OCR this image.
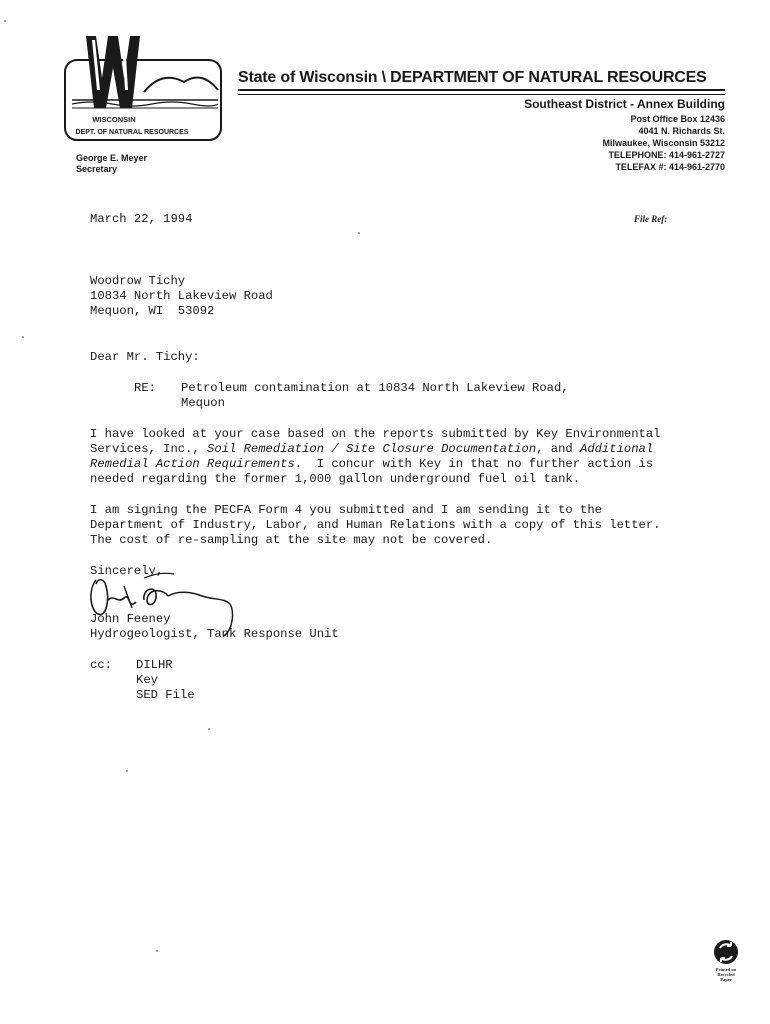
WISCONSIN
DEPT. OF NATURAL RESOURCES
George E. Meyer
Secretary
State of Wisconsin \ DEPARTMENT OF NATURAL RESOURCES
Southeast District - Annex Building
Post Office Box 12436
4041 N. Richards St.
Milwaukee, Wisconsin 53212
TELEPHONE: 414-961-2727
TELEFAX #: 414-961-2770
March 22, 1994	File Ref:
Woodrow Tichy
10834 North Lakeview Road
Mequon, WI  53092
Dear Mr. Tichy:
RE: Petroleum contamination at 10834 North Lakeview Road,
Mequon
I have looked at your case based on the reports submitted by Key Environmental
Services, Inc., Soil Remediation / Site Closure Documentation, and Additional
Remedial Action Requirements.  I concur with Key in that no further action is
needed regarding the former 1,000 gallon underground fuel oil tank.
I am signing the PECFA Form 4 you submitted and I am sending it to the
Department of Industry, Labor, and Human Relations with a copy of this letter.
The cost of re-sampling at the site may not be covered.
Sincerely,
John Feeney
Hydrogeologist, Tank Response Unit
cc: DILHR
Key
SED File
Printed on
Recycled
Paper
